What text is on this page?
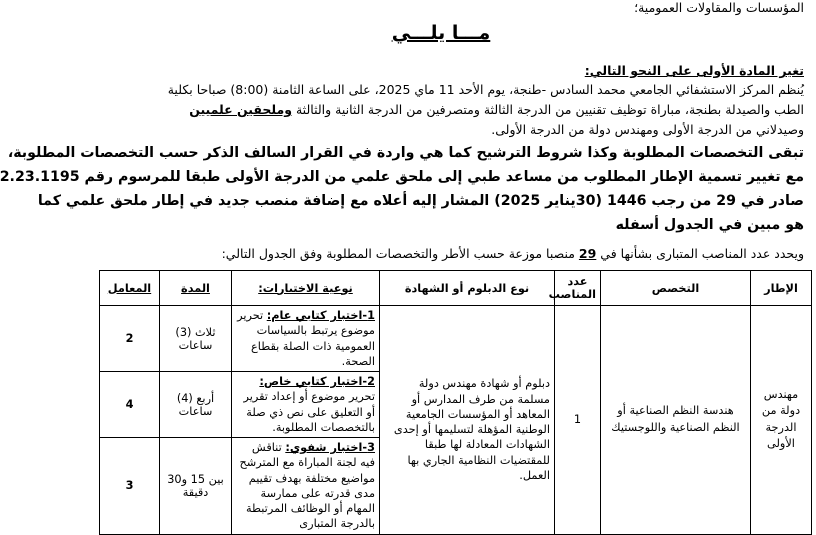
المؤسسات والمقاولات العمومية؛
مـــا يلـــي
تغير المادة الأولى على النحو التالي:
يُنظم المركز الاستشفائي الجامعي محمد السادس -طنجة، يوم الأحد 11 ماي 2025، على الساعة الثامنة (8:00) صباحا بكلية
الطب والصيدلة بطنجة، مباراة توظيف تقنيين من الدرجة الثالثة ومتصرفين من الدرجة الثانية والثالثة وملحقين علميين
وصيدلاني من الدرجة الأولى ومهندس دولة من الدرجة الأولى.
تبقى التخصصات المطلوبة وكذا شروط الترشيح كما هي واردة في القرار السالف الذكر حسب التخصصات المطلوبة،
مع تغيير تسمية الإطار المطلوب من مساعد طبي إلى ملحق علمي من الدرجة الأولى طبقا للمرسوم رقم 2.23.1195
صادر في 29 من رجب 1446 (30يناير 2025) المشار إليه أعلاه مع إضافة منصب جديد في إطار ملحق علمي كما
هو مبين في الجدول أسفله
ويحدد عدد المناصب المتبارى بشأنها في 29 منصبا موزعة حسب الأطر والتخصصات المطلوبة وفق الجدول التالي:
الإطار	التخصص	عدد المناصب	نوع الدبلوم أو الشهادة	نوعية الاختبارات:	المدة	المعامل
مهندس دولة من الدرجة الأولى	هندسة النظم الصناعية أو النظم الصناعية واللوجستيك	1	دبلوم أو شهادة مهندس دولة مسلمة من طرف المدارس أو المعاهد أو المؤسسات الجامعية الوطنية المؤهلة لتسليمها أو إحدى الشهادات المعادلة لها طبقا للمقتضيات النظامية الجاري بها العمل.	1-اختبار كتابي عام: تحرير موضوع يرتبط بالسياسات العمومية ذات الصلة بقطاع الصحة.	ثلاث (3) ساعات	2
				2-اختبار كتابي خاص: تحرير موضوع أو إعداد تقرير أو التعليق على نص ذي صلة بالتخصصات المطلوبة.	أربع (4) ساعات	4
				3-اختبار شفوي: تناقش فيه لجنة المباراة مع المترشح مواضيع مختلفة بهدف تقييم مدى قدرته على ممارسة المهام أو الوظائف المرتبطة بالدرجة المتبارى	بين 15 و30 دقيقة	3
